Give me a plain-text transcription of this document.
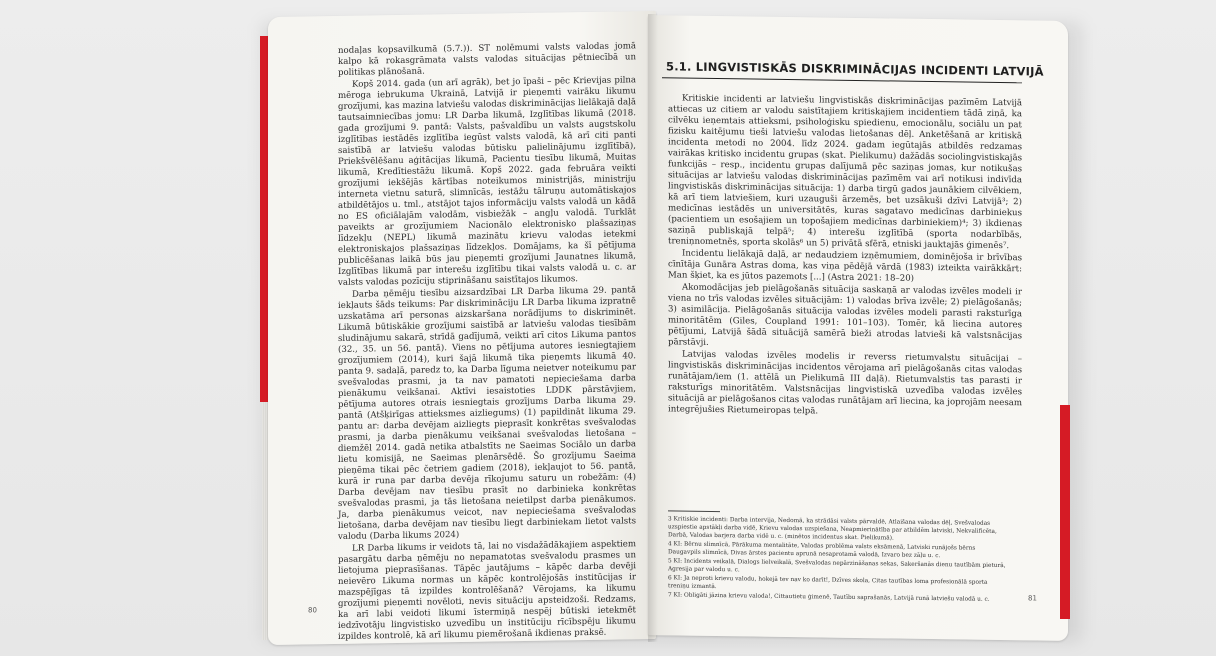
nodaļas kopsavilkumā (5.7.)). ST nolēmumi valsts valodas jomā kalpo kā rokasgrāmata valsts valodas situācijas pētniecībā un politikas plānošanā.

Kopš 2014. gada (un arī agrāk), bet jo īpaši – pēc Krievijas pilna mēroga iebrukuma Ukrainā, Latvijā ir pieņemti vairāku likumu grozījumi, kas mazina latviešu valodas diskriminācijas lielākajā daļā tautsaimniecības jomu: LR Darba likumā, Izglītības likumā (2018. gada grozījumi 9. pantā: Valsts, pašvaldību un valsts augstskolu izglītības iestādēs izglītība iegūst valsts valodā, kā arī citi panti saistībā ar latviešu valodas būtisku palielinājumu izglītībā), Priekšvēlēšanu aģitācijas likumā, Pacientu tiesību likumā, Muitas likumā, Kredītiestāžu likumā. Kopš 2022. gada februāra veikti grozījumi iekšējās kārtības noteikumos ministrijās, ministriju interneta vietnu saturā, slimnīcās, iestāžu tālruņu automātiskajos atbildētājos u. tml., atstājot tajos informāciju valsts valodā un kādā no ES oficiālajām valodām, visbiežāk – angļu valodā. Turklāt paveikts ar grozījumiem Nacionālo elektronisko plašsaziņas līdzekļu (NEPL) likumā mazinātu krievu valodas ietekmi elektroniskajos plašsaziņas līdzekļos. Domājams, ka šī pētījuma publicēšanas laikā būs jau pieņemti grozījumi Jaunatnes likumā, Izglītības likumā par interešu izglītību tikai valsts valodā u. c. ar valsts valodas pozīciju stiprināšanu saistītajos likumos.

Darba ņēmēju tiesību aizsardzībai LR Darba likuma 29. pantā iekļauts šāds teikums: Par diskrimināciju LR Darba likuma izpratnē uzskatāma arī personas aizskaršana norādījums to diskriminēt. Likumā būtiskākie grozījumi saistībā ar latviešu valodas tiesībām sludinājumu sakarā, strīdā gadījumā, veikti arī citos Likuma pantos (32., 35. un 56. pantā). Viens no pētījuma autores iesniegtajiem grozījumiem (2014), kuri šajā likumā tika pieņemts likumā 40. panta 9. sadaļā, paredz to, ka Darba līguma neietver noteikumu par svešvalodas prasmi, ja ta nav pamatoti nepieciešama darba pienākumu veikšanai. Aktīvi iesaistoties LDDK pārstāvjiem, pētījuma autores otrais iesniegtais grozījums Darba likuma 29. pantā (Atšķirīgas attieksmes aizliegums) (1) papildināt likuma 29. pantu ar: darba devējam aizliegts pieprasīt konkrētas svešvalodas prasmi, ja darba pienākumu veikšanai svešvalodas lietošana – diemžēl 2014. gadā netika atbalstīts ne Saeimas Sociālo un darba lietu komisijā, ne Saeimas plenārsēdē. Šo grozījumu Saeima pieņēma tikai pēc četriem gadiem (2018), iekļaujot to 56. pantā, kurā ir runa par darba devēja rīkojumu saturu un robežām: (4) Darba devējam nav tiesību prasīt no darbinieka konkrētas svešvalodas prasmi, ja tās lietošana neietilpst darba pienākumos. Ja, darba pienākumus veicot, nav nepieciešama svešvalodas lietošana, darba devējam nav tiesību liegt darbiniekam lietot valsts valodu (Darba likums 2024)

LR Darba likums ir veidots tā, lai no visdažādākajiem aspektiem pasargātu darba ņēmēju no nepamatotas svešvalodu prasmes un lietojuma pieprasīšanas. Tāpēc jautājums – kāpēc darba devēji neievēro Likuma normas un kāpēc kontrolējošās institūcijas ir mazspējīgas tā izpildes kontrolēšanā? Vērojams, ka likumu grozījumi pieņemti novēloti, nevis situāciju apsteidzoši. Redzams, ka arī labi veidoti likumi īstermiņā nespēj būtiski ietekmēt iedzīvotāju lingvistisko uzvedību un institūciju rīcībspēju likumu izpildes kontrolē, kā arī likumu piemērošanā ikdienas praksē.

80
5.1. LINGVISTISKĀS DISKRIMINĀCIJAS INCIDENTI LATVIJĀ

Kritiskie incidenti ar latviešu lingvistiskās diskriminācijas pazīmēm Latvijā attiecas uz citiem ar valodu saistītajiem kritiskajiem incidentiem tādā ziņā, ka cilvēku ieņemtais attieksmi, psiholoģisku spiedienu, emocionālu, sociālu un pat fizisku kaitējumu tieši latviešu valodas lietošanas dēļ. Anketēšanā ar kritiskā incidenta metodi no 2004. līdz 2024. gadam iegūtajās atbildēs redzamas vairākas kritisko incidentu grupas (skat. Pielikumu) dažādās sociolingvistiskajās funkcijās – resp., incidentu grupas dalījumā pēc saziņas jomas, kur notikušas situācijas ar latviešu valodas diskriminācijas pazīmēm vai arī notikusi indivīda lingvistiskās diskriminācijas situācija: 1) darba tirgū gados jaunākiem cilvēkiem, kā arī tiem latviešiem, kuri uzauguši ārzemēs, bet uzsākuši dzīvi Latvijā³; 2) medicīnas iestādēs un universitātēs, kuras sagatavo medicīnas darbiniekus (pacientiem un esošajiem un topošajiem medicīnas darbiniekiem)⁴; 3) ikdienas saziņā publiskajā telpā⁵; 4) interešu izglītībā (sporta nodarbībās, treniņnometnēs, sporta skolās⁶ un 5) privātā sfērā, etniski jauktajās ģimenēs⁷.

Incidentu lielākajā daļā, ar nedaudziem izņēmumiem, dominējoša ir brīvības cīnītāja Gunāra Astras doma, kas viņa pēdējā vārdā (1983) izteikta vairākkārt: Man šķiet, ka es jūtos pazemots [...] (Astra 2021: 18–20)

Akomodācijas jeb pielāgošanās situācija saskaņā ar valodas izvēles modeli ir viena no trīs valodas izvēles situācijām: 1) valodas brīva izvēle; 2) pielāgošanās; 3) asimilācija. Pielāgošanās situācija valodas izvēles modeli parasti raksturīga minoritātēm (Giles, Coupland 1991: 101–103). Tomēr, kā liecina autores pētījumi, Latvijā šādā situācijā samērā bieži atrodas latvieši kā valstsnācijas pārstāvji.

Latvijas valodas izvēles modelis ir reverss rietumvalstu situācijai – lingvistiskās diskriminācijas incidentos vērojama arī pielāgošanās citas valodas runātājam/iem (1. attēlā un Pielikumā III daļā). Rietumvalstis tas parasti ir raksturīgs minoritātēm. Valstsnācijas lingvistiskā uzvedība valodas izvēles situācijā ar pielāgošanos citas valodas runātājam arī liecina, ka joprojām neesam integrējušies Rietumeiropas telpā.

3 Kritiskie incidenti: Darba intervija, Nedomā, ka strādāsi valsts pārvaldē, Atlaišana valodas dēļ, Svešvalodas uzspiestie apstākļi darba vidē, Krievu valodas uzspiešana, Neapmierinātība par atbildēm latviski, Nekvalificēta, Darbā, Valodas barjera darba vidē u. c. (minētos incidentus skat. Pielikumā).
4 KI: Bērnu slimnīcā, Pārākuma mentalitāte, Valodas problēma valsts eksāmenā, Latviski runājošs bērns Daugavpils slimnīcā, Divas ārstes pacientu aprunā nesaprotamā valodā, Izvaro bez zāļu u. c.
5 KI: Incidents veikalā, Dialogs lielveikalā, Svešvalodas nepārzināšanas sekas, Sakeršanās dienu tautībām pieturā, Agresija par valodu u. c.
6 KI: Ja neproti krievu valodu, hokejā tev nav ko darīt!, Dzīves skola, Citas tautības loma profesionālā sporta treniņu izmantā.
7 KI: Obligāti jāzina krievu valoda!, Cittautietu ģimenē, Tautību saprašanās, Latvijā runā latviešu valodā u. c.	81
